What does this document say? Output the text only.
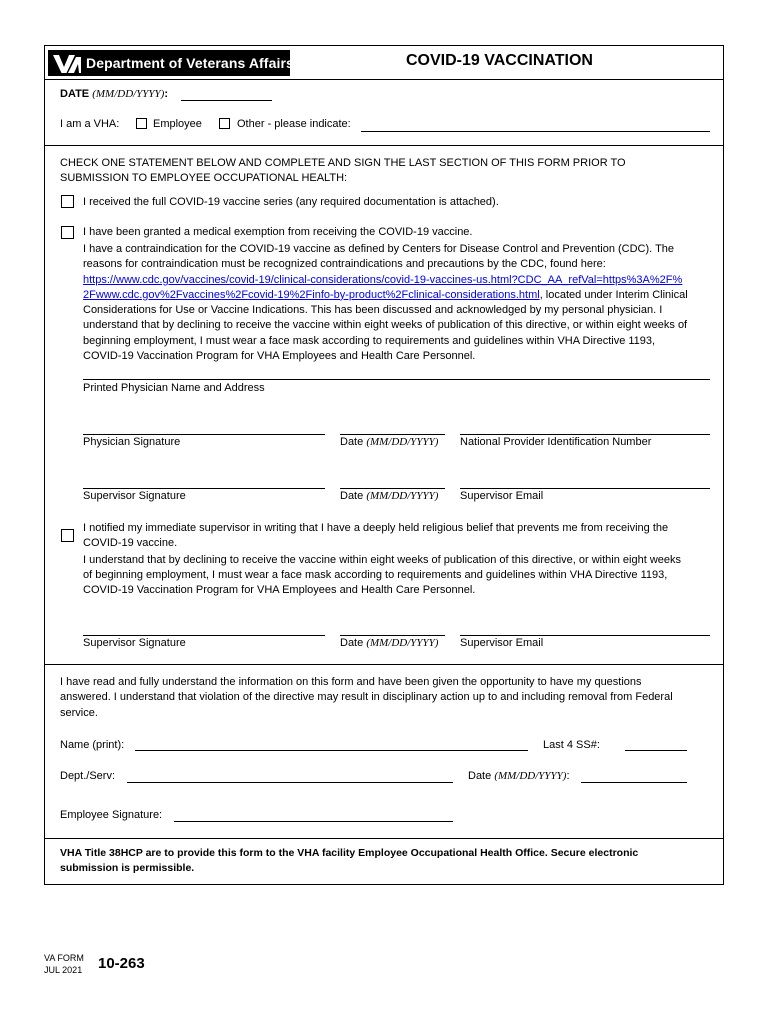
Department of Veterans Affairs	COVID-19 VACCINATION
DATE (MM/DD/YYYY):
I am a VHA:	Employee	Other - please indicate:
CHECK ONE STATEMENT BELOW AND COMPLETE AND SIGN THE LAST SECTION OF THIS FORM PRIOR TO
SUBMISSION TO EMPLOYEE OCCUPATIONAL HEALTH:
I received the full COVID-19 vaccine series (any required documentation is attached).
I have been granted a medical exemption from receiving the COVID-19 vaccine.
I have a contraindication for the COVID-19 vaccine as defined by Centers for Disease Control and Prevention (CDC). The
reasons for contraindication must be recognized contraindications and precautions by the CDC, found here:
https://www.cdc.gov/vaccines/covid-19/clinical-considerations/covid-19-vaccines-us.html?CDC_AA_refVal=https%3A%2F%
2Fwww.cdc.gov%2Fvaccines%2Fcovid-19%2Finfo-by-product%2Fclinical-considerations.html, located under Interim Clinical
Considerations for Use or Vaccine Indications. This has been discussed and acknowledged by my personal physician. I
understand that by declining to receive the vaccine within eight weeks of publication of this directive, or within eight weeks of
beginning employment, I must wear a face mask according to requirements and guidelines within VHA Directive 1193,
COVID-19 Vaccination Program for VHA Employees and Health Care Personnel.
Printed Physician Name and Address
Physician Signature	Date (MM/DD/YYYY) National Provider Identification Number
Supervisor Signature	Date (MM/DD/YYYY) Supervisor Email
I notified my immediate supervisor in writing that I have a deeply held religious belief that prevents me from receiving the
COVID-19 vaccine.
I understand that by declining to receive the vaccine within eight weeks of publication of this directive, or within eight weeks
of beginning employment, I must wear a face mask according to requirements and guidelines within VHA Directive 1193,
COVID-19 Vaccination Program for VHA Employees and Health Care Personnel.
Supervisor Signature	Date (MM/DD/YYYY) Supervisor Email
I have read and fully understand the information on this form and have been given the opportunity to have my questions
answered. I understand that violation of the directive may result in disciplinary action up to and including removal from Federal
service.
Name (print):	Last 4 SS#:
Dept./Serv:	Date (MM/DD/YYYY):
Employee Signature:
VHA Title 38HCP are to provide this form to the VHA facility Employee Occupational Health Office. Secure electronic
submission is permissible.
VA FORM
JUL 2021 10-263
